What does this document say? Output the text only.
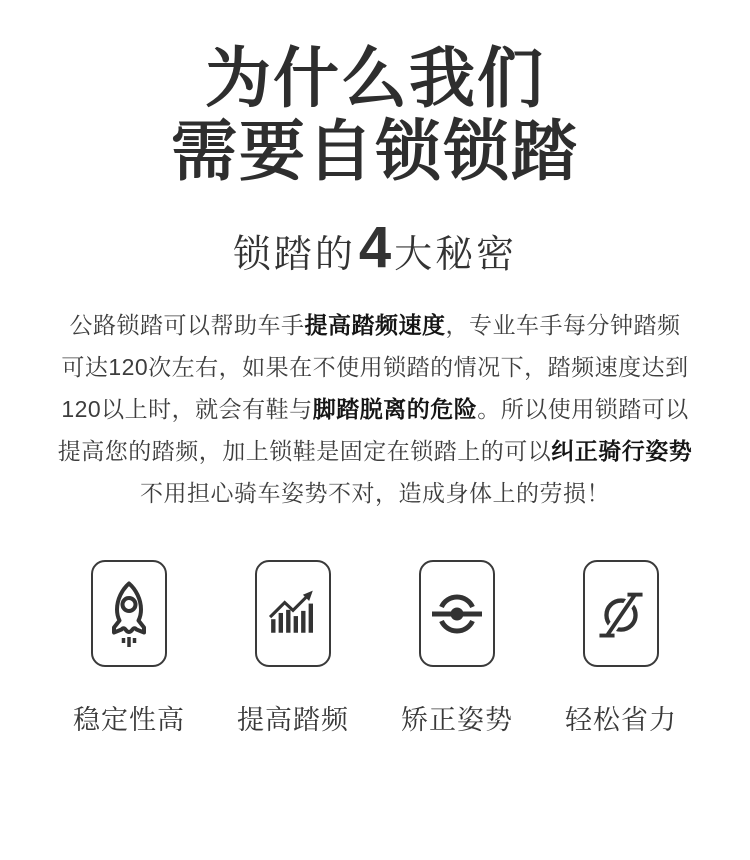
为什么我们
需要自锁锁踏
锁踏的 4 大秘密
公路锁踏可以帮助车手提高踏频速度，专业车手每分钟踏频
可达120次左右，如果在不使用锁踏的情况下，踏频速度达到
120以上时，就会有鞋与脚踏脱离的危险。所以使用锁踏可以
提高您的踏频，加上锁鞋是固定在锁踏上的可以纠正骑行姿势
不用担心骑车姿势不对，造成身体上的劳损！
稳定性高 提高踏频 矫正姿势 轻松省力
